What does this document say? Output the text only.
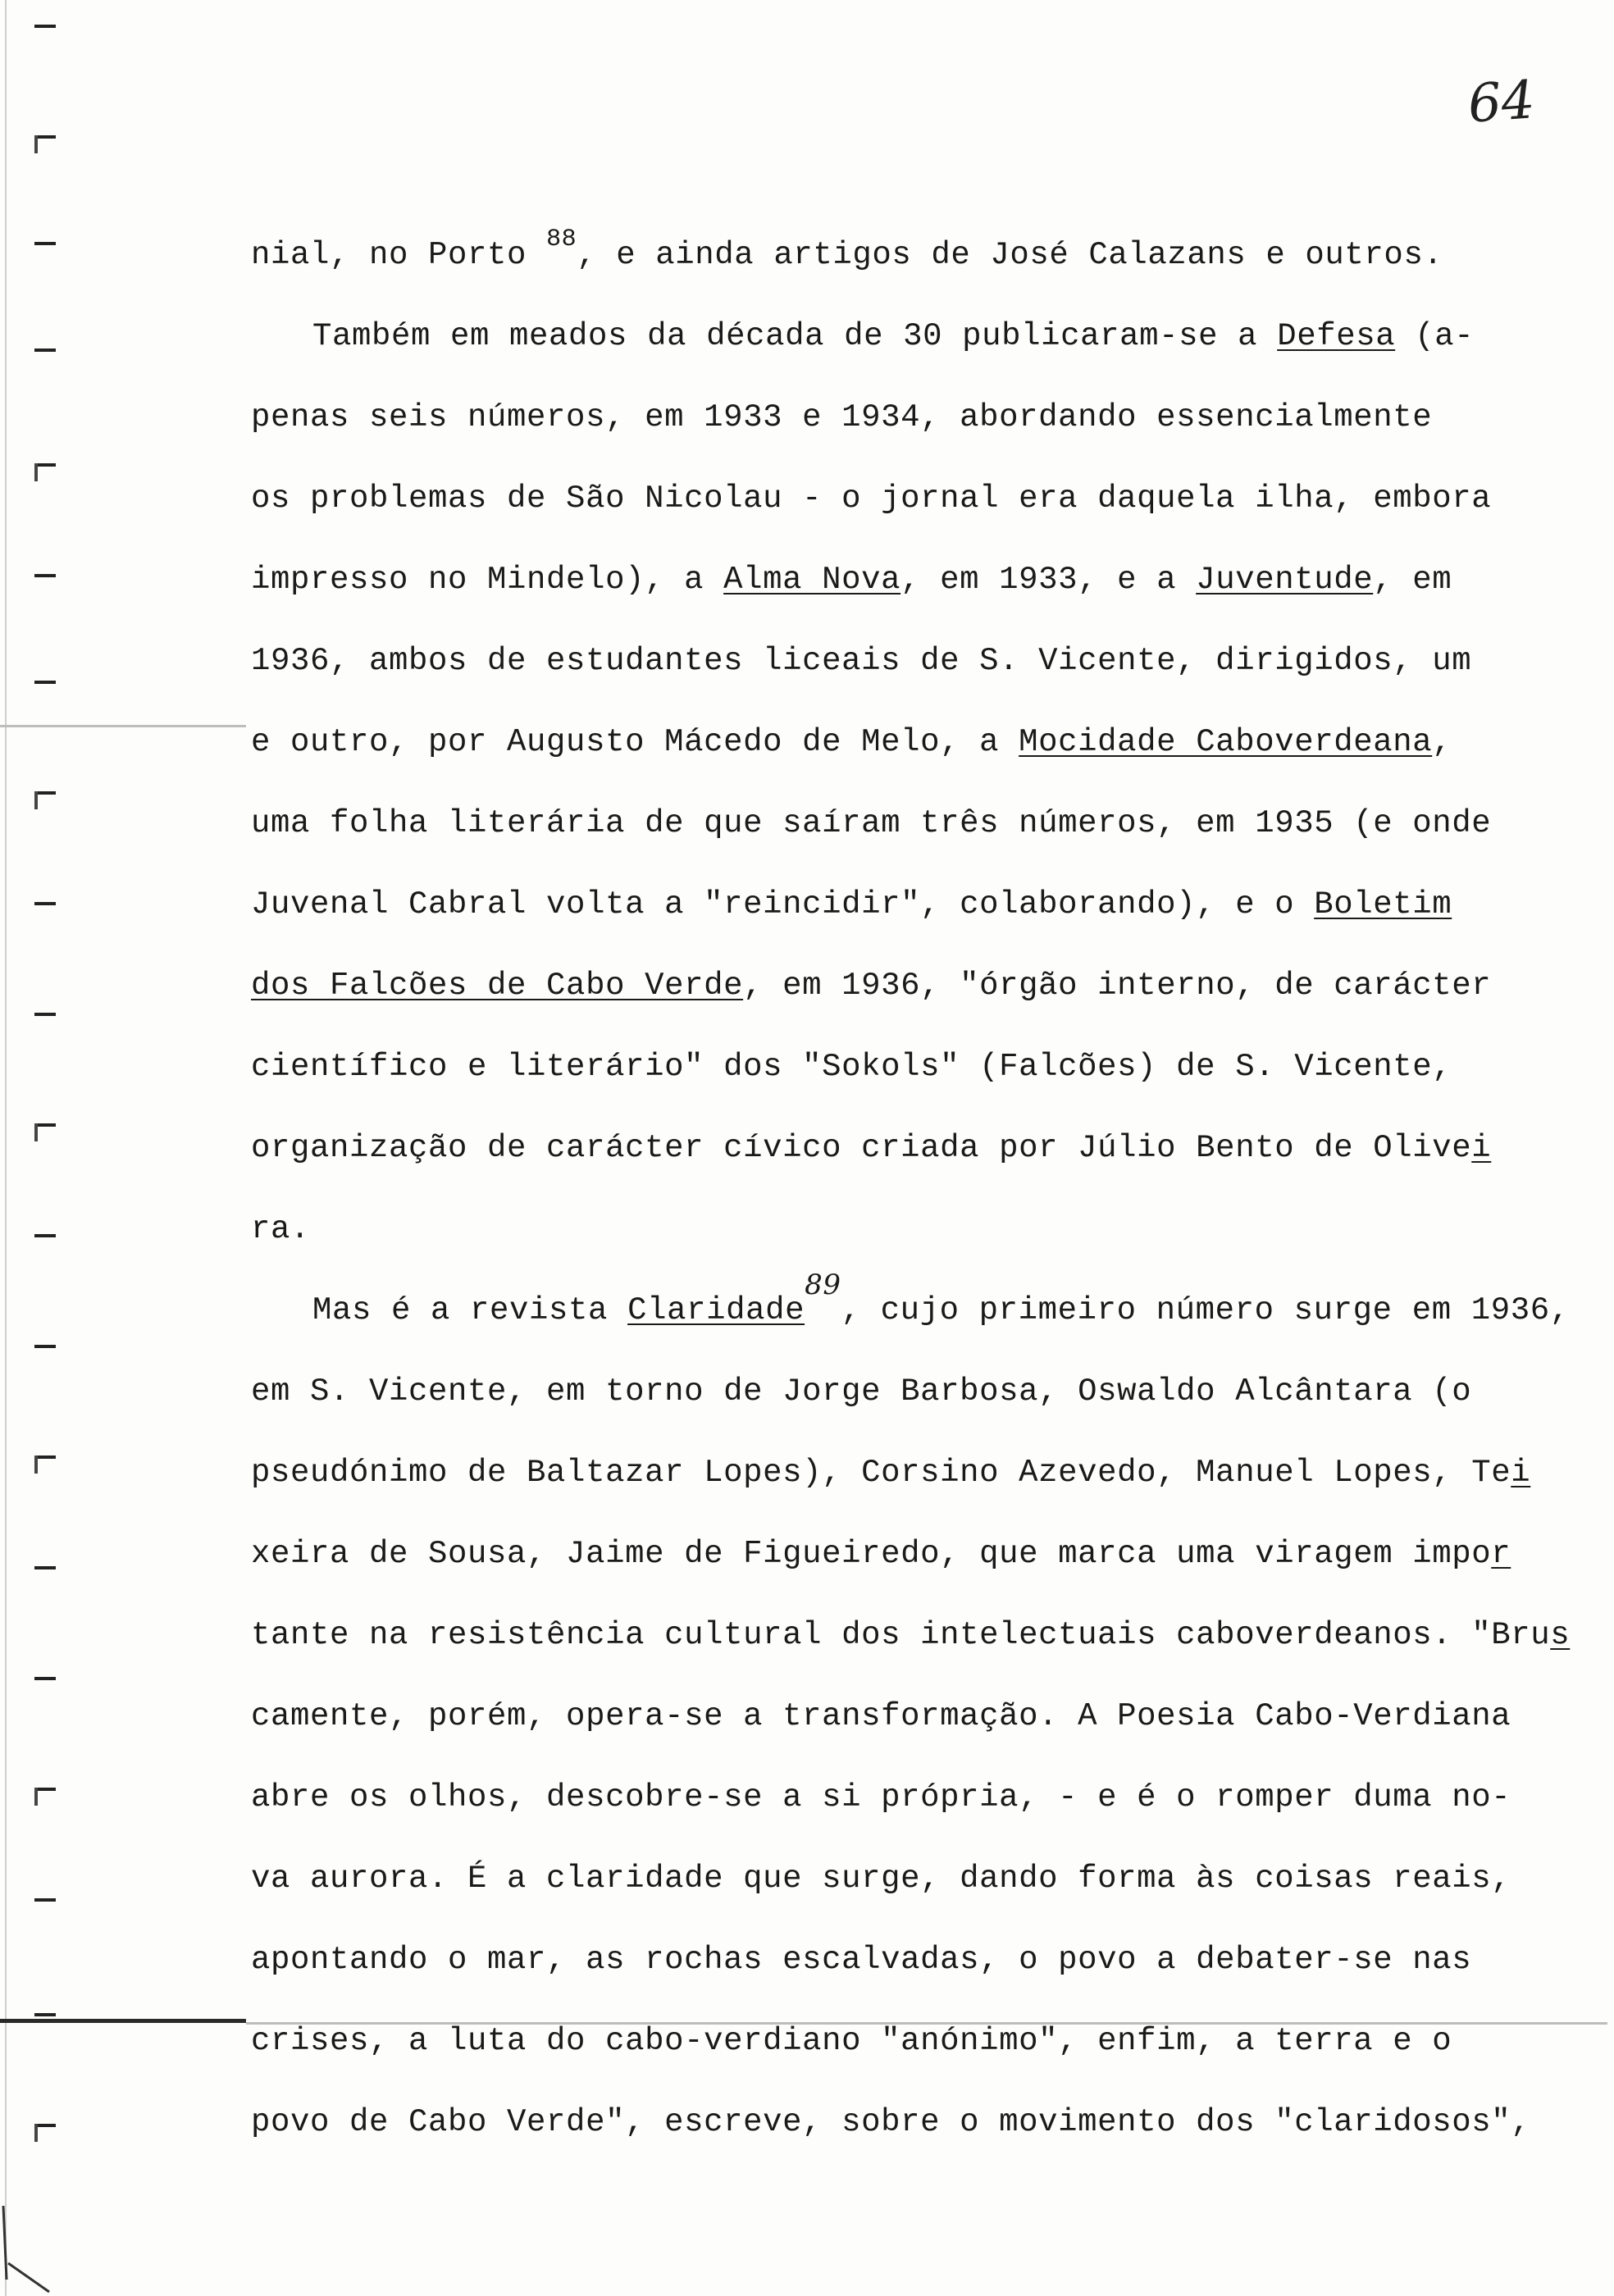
64
nial, no Porto $^{88}$, e ainda artigos de José Calazans e outros.
Também em meados da década de 30 publicaram-se a Defesa (a-
penas seis números, em 1933 e 1934, abordando essencialmente
os problemas de São Nicolau - o jornal era daquela ilha, embora
impresso no Mindelo), a Alma Nova, em 1933, e a Juventude, em
1936, ambos de estudantes liceais de S. Vicente, dirigidos, um
e outro, por Augusto Mácedo de Melo, a Mocidade Caboverdeana,
uma folha literária de que saíram três números, em 1935 (e onde
Juvenal Cabral volta a "reincidir", colaborando), e o Boletim
dos Falcões de Cabo Verde, em 1936, "órgão interno, de carácter
científico e literário" dos "Sokols" (Falcões) de S. Vicente,
organização de carácter cívico criada por Júlio Bento de Olivei
ra.
Mas é a revista Claridade89, cujo primeiro número surge em 1936,
em S. Vicente, em torno de Jorge Barbosa, Oswaldo Alcântara (o
pseudónimo de Baltazar Lopes), Corsino Azevedo, Manuel Lopes, Tei
xeira de Sousa, Jaime de Figueiredo, que marca uma viragem impor
tante na resistência cultural dos intelectuais caboverdeanos. "Brus
camente, porém, opera-se a transformação. A Poesia Cabo-Verdiana
abre os olhos, descobre-se a si própria, - e é o romper duma no-
va aurora. É a claridade que surge, dando forma às coisas reais,
apontando o mar, as rochas escalvadas, o povo a debater-se nas
crises, a luta do cabo-verdiano "anónimo", enfim, a terra e o
povo de Cabo Verde", escreve, sobre o movimento dos "claridosos",
